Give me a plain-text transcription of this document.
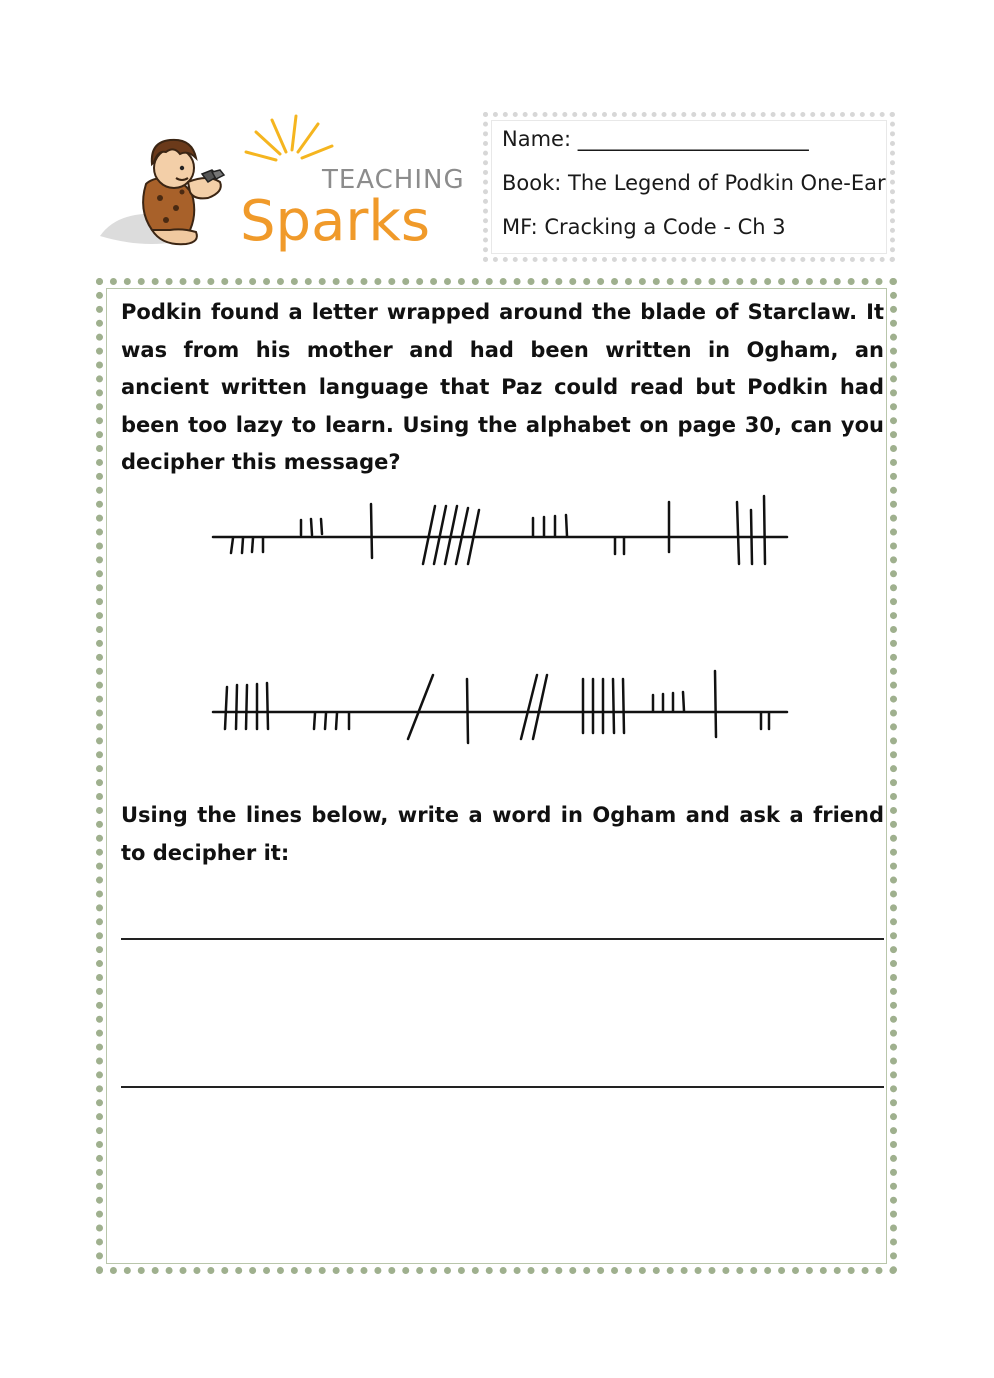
TEACHING
Sparks
Name: ______________________
Book: The Legend of Podkin One-Ear
MF: Cracking a Code - Ch 3

Podkin found a letter wrapped around the blade of Starclaw. It was from his mother and had been written in Ogham, an ancient written language that Paz could read but Podkin had been too lazy to learn. Using the alphabet on page 30, can you decipher this message?

Using the lines below, write a word in Ogham and ask a friend to decipher it:
